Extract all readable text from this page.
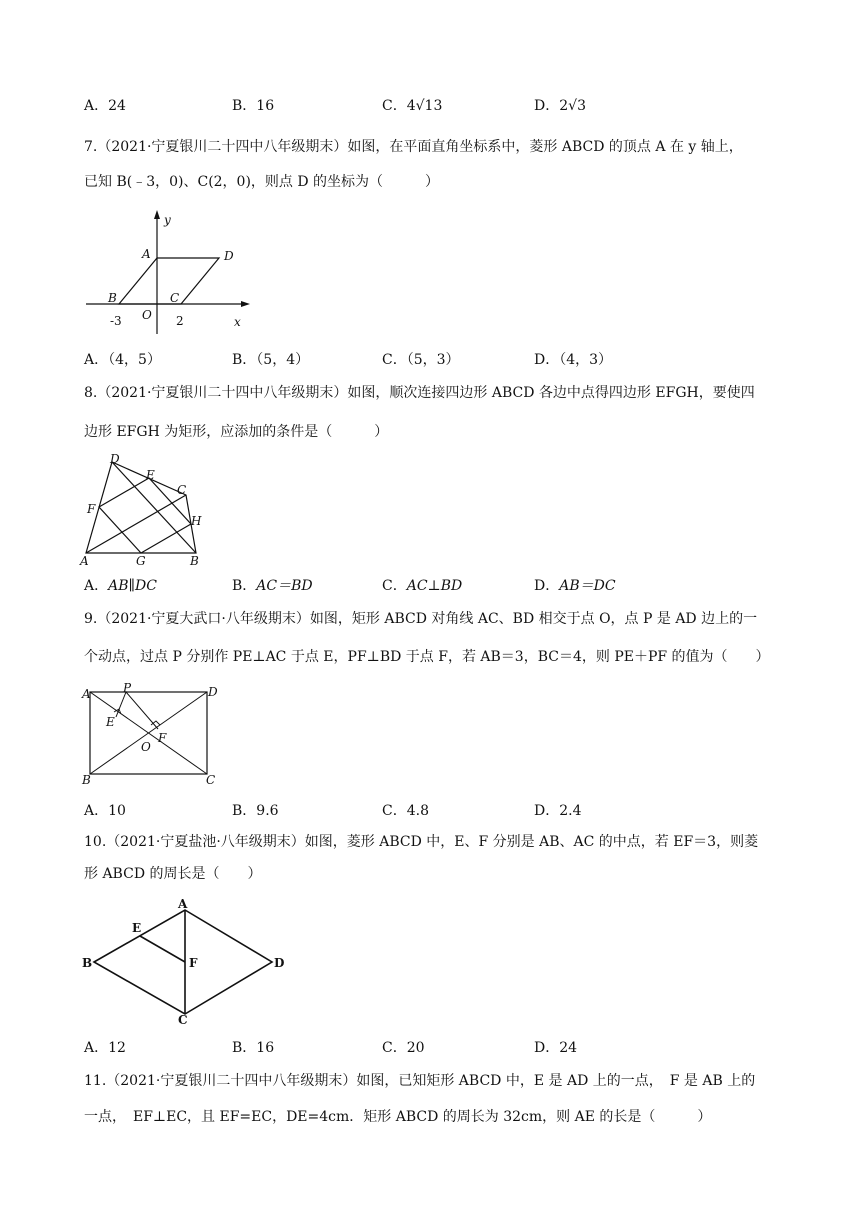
A．24	B．16	C．4√13	D．2√3
7.（2021·宁夏银川二十四中八年级期末）如图，在平面直角坐标系中，菱形 ABCD 的顶点 A 在 y 轴上，
已知 B(﹣3，0)、C(2，0)，则点 D 的坐标为（　　　）
y
x
A	D
B	C
O
-3	2
A．（4，5）	B．（5，4）	C．（5，3）	D．（4，3）
8.（2021·宁夏银川二十四中八年级期末）如图，顺次连接四边形 ABCD 各边中点得四边形 EFGH，要使四
边形 EFGH 为矩形，应添加的条件是（　　　）
D
E
C
F
H
A	G	B
A．AB∥DC	B．AC＝BD	C．AC⊥BD	D．AB＝DC
9.（2021·宁夏大武口·八年级期末）如图，矩形 ABCD 对角线 AC、BD 相交于点 O，点 P 是 AD 边上的一
个动点，过点 P 分别作 PE⊥AC 于点 E，PF⊥BD 于点 F，若 AB＝3，BC＝4，则 PE＋PF 的值为（　　）
A	P	D
E
F
O
B	C
A．10	B．9.6	C．4.8	D．2.4
10.（2021·宁夏盐池·八年级期末）如图，菱形 ABCD 中，E、F 分别是 AB、AC 的中点，若 EF＝3，则菱
形 ABCD 的周长是（　　）
A
E
B	F	D
C
A．12	B．16	C．20	D．24
11.（2021·宁夏银川二十四中八年级期末）如图，已知矩形 ABCD 中，E 是 AD 上的一点，　F 是 AB 上的
一点，　EF⊥EC，且 EF=EC，DE=4cm．矩形 ABCD 的周长为 32cm，则 AE 的长是（　　　）
